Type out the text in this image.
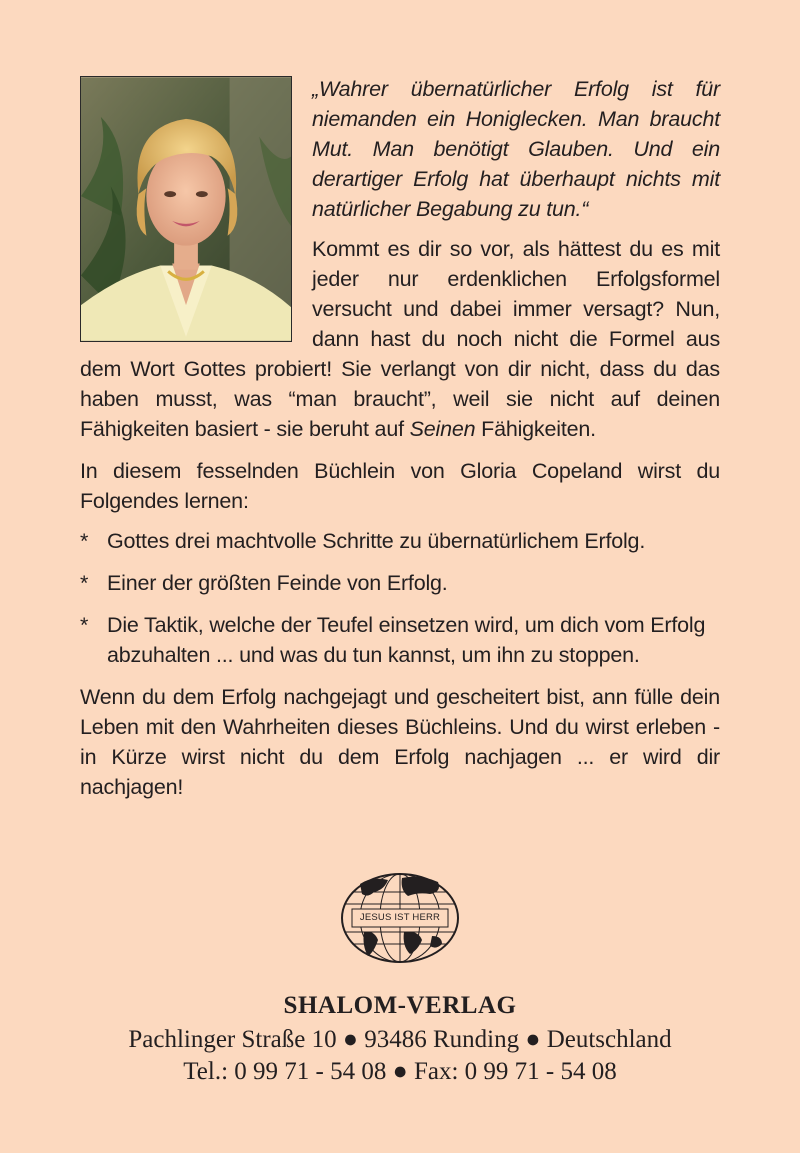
„Wahrer übernatürlicher Erfolg ist für niemanden ein Honiglecken. Man braucht Mut. Man benötigt Glauben. Und ein derartiger Erfolg hat überhaupt nichts mit natürlicher Begabung zu tun.“

Kommt es dir so vor, als hättest du es mit jeder nur erdenklichen Erfolgsformel versucht und dabei immer versagt? Nun, dann hast du noch nicht die Formel aus dem Wort Gottes probiert! Sie verlangt von dir nicht, dass du das haben musst, was “man braucht”, weil sie nicht auf deinen Fähigkeiten basiert - sie beruht auf Seinen Fähigkeiten.

In diesem fesselnden Büchlein von Gloria Copeland wirst du Folgendes lernen:

* Gottes drei machtvolle Schritte zu übernatürlichem Erfolg.
* Einer der größten Feinde von Erfolg.
* Die Taktik, welche der Teufel einsetzen wird, um dich vom Erfolg abzuhalten ... und was du tun kannst, um ihn zu stoppen.

Wenn du dem Erfolg nachgejagt und gescheitert bist, ann fülle dein Leben mit den Wahrheiten dieses Büchleins. Und du wirst erleben - in Kürze wirst nicht du dem Erfolg nachjagen ... er wird dir nachjagen!

JESUS IST HERR
SHALOM-VERLAG
Pachlinger Straße 10 ● 93486 Runding ● Deutschland
Tel.: 0 99 71 - 54 08 ● Fax: 0 99 71 - 54 08
